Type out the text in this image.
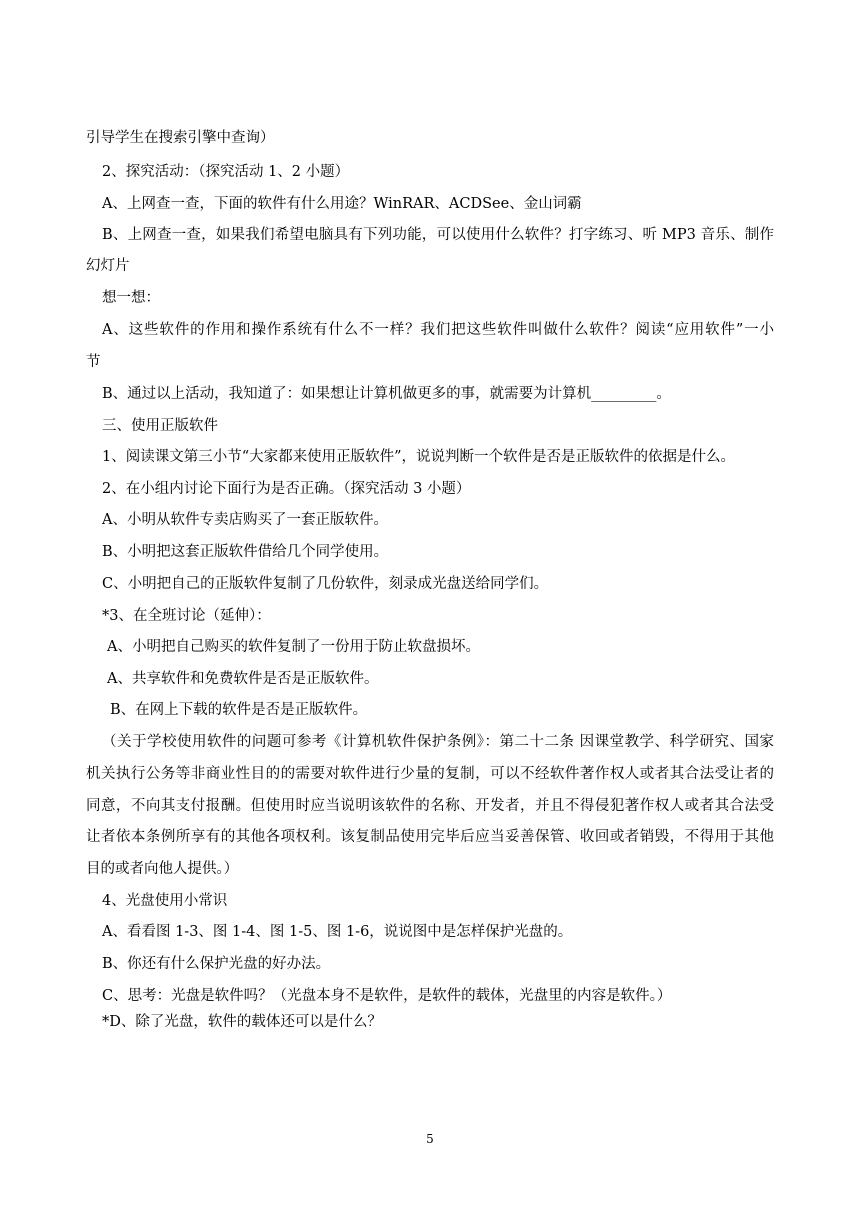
引导学生在搜索引擎中查询）
2、探究活动：（探究活动 1、2 小题）
A、上网查一查，下面的软件有什么用途？WinRAR、ACDSee、金山词霸
B、上网查一查，如果我们希望电脑具有下列功能，可以使用什么软件？打字练习、听 MP3 音乐、制作
幻灯片
想一想：
A、这些软件的作用和操作系统有什么不一样？我们把这些软件叫做什么软件？阅读“应用软件”一小
节
B、通过以上活动，我知道了：如果想让计算机做更多的事，就需要为计算机_________。
三、使用正版软件
1、阅读课文第三小节“大家都来使用正版软件”，说说判断一个软件是否是正版软件的依据是什么。
2、在小组内讨论下面行为是否正确。（探究活动 3 小题）
A、小明从软件专卖店购买了一套正版软件。
B、小明把这套正版软件借给几个同学使用。
C、小明把自己的正版软件复制了几份软件，刻录成光盘送给同学们。
*3、在全班讨论（延伸）：
A、小明把自己购买的软件复制了一份用于防止软盘损坏。
A、共享软件和免费软件是否是正版软件。
B、在网上下载的软件是否是正版软件。
（关于学校使用软件的问题可参考《计算机软件保护条例》：第二十二条 因课堂教学、科学研究、国家
机关执行公务等非商业性目的的需要对软件进行少量的复制，可以不经软件著作权人或者其合法受让者的
同意，不向其支付报酬。但使用时应当说明该软件的名称、开发者，并且不得侵犯著作权人或者其合法受
让者依本条例所享有的其他各项权利。该复制品使用完毕后应当妥善保管、收回或者销毁，不得用于其他
目的或者向他人提供。）
4、光盘使用小常识
A、看看图 1-3、图 1-4、图 1-5、图 1-6，说说图中是怎样保护光盘的。
B、你还有什么保护光盘的好办法。
C、思考：光盘是软件吗？（光盘本身不是软件，是软件的载体，光盘里的内容是软件。）
*D、除了光盘，软件的载体还可以是什么？
5
